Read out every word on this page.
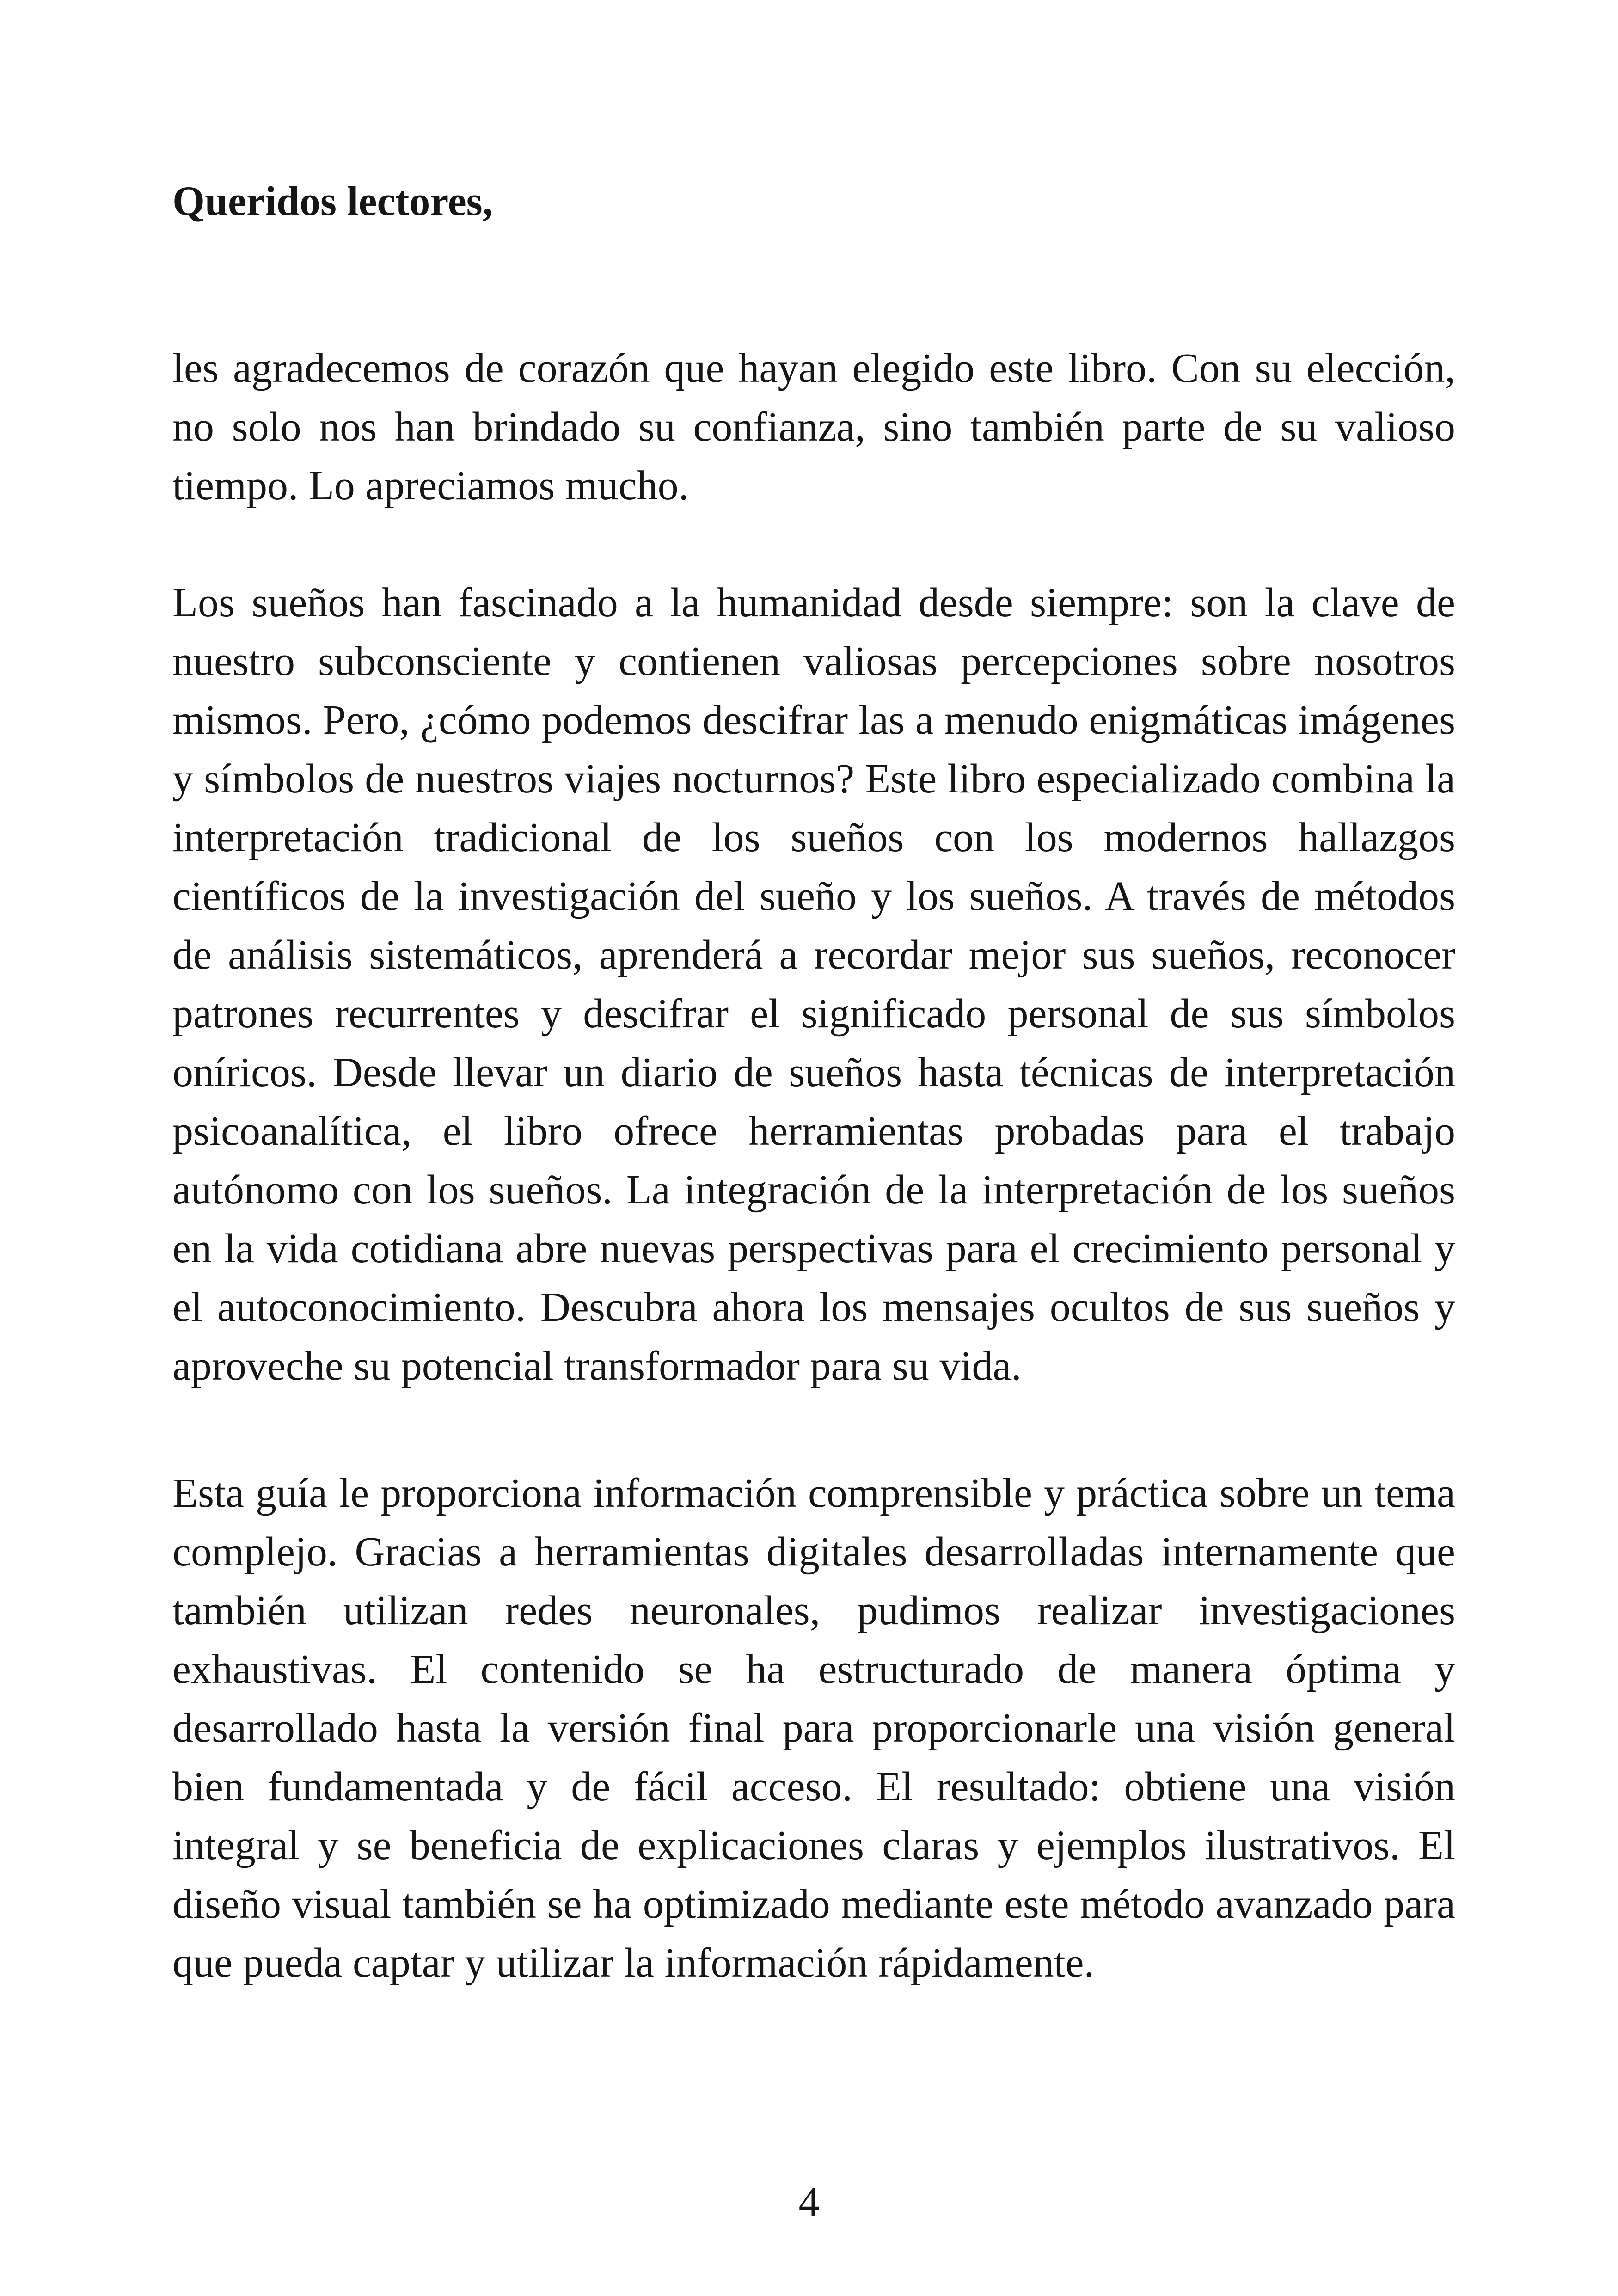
Queridos lectores,

les agradecemos de corazón que hayan elegido este libro. Con su elección, no solo nos han brindado su confianza, sino también parte de su valioso tiempo. Lo apreciamos mucho.

Los sueños han fascinado a la humanidad desde siempre: son la clave de nuestro subconsciente y contienen valiosas percepciones sobre nosotros mismos. Pero, ¿cómo podemos descifrar las a menudo enigmáticas imágenes y símbolos de nuestros viajes nocturnos? Este libro especializado combina la interpretación tradicional de los sueños con los modernos hallazgos científicos de la investigación del sueño y los sueños. A través de métodos de análisis sistemáticos, aprenderá a recordar mejor sus sueños, reconocer patrones recurrentes y descifrar el significado personal de sus símbolos oníricos. Desde llevar un diario de sueños hasta técnicas de interpretación psicoanalítica, el libro ofrece herramientas probadas para el trabajo autónomo con los sueños. La integración de la interpretación de los sueños en la vida cotidiana abre nuevas perspectivas para el crecimiento personal y el autoconocimiento. Descubra ahora los mensajes ocultos de sus sueños y aproveche su potencial transformador para su vida.

Esta guía le proporciona información comprensible y práctica sobre un tema complejo. Gracias a herramientas digitales desarrolladas internamente que también utilizan redes neuronales, pudimos realizar investigaciones exhaustivas. El contenido se ha estructurado de manera óptima y desarrollado hasta la versión final para proporcionarle una visión general bien fundamentada y de fácil acceso. El resultado: obtiene una visión integral y se beneficia de explicaciones claras y ejemplos ilustrativos. El diseño visual también se ha optimizado mediante este método avanzado para que pueda captar y utilizar la información rápidamente.

4
